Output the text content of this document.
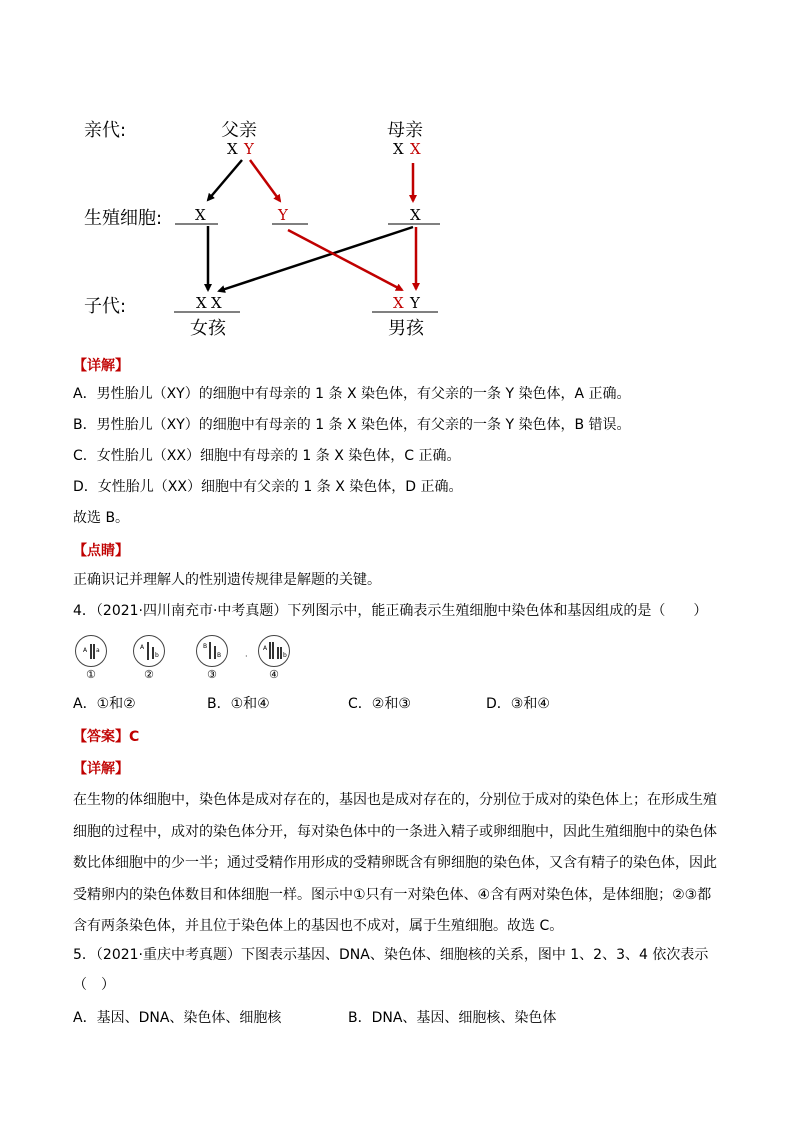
亲代:
生殖细胞:
子代:
父亲	母亲
X Y	X X
X	Y	X
X X	X Y
女孩	男孩
【详解】
A．男性胎儿（XY）的细胞中有母亲的 1 条 X 染色体，有父亲的一条 Y 染色体，A 正确。
B．男性胎儿（XY）的细胞中有母亲的 1 条 X 染色体，有父亲的一条 Y 染色体，B 错误。
C．女性胎儿（XX）细胞中有母亲的 1 条 X 染色体，C 正确。
D．女性胎儿（XX）细胞中有父亲的 1 条 X 染色体，D 正确。
故选 B。
【点睛】
正确识记并理解人的性别遗传规律是解题的关键。
4．（2021·四川南充市·中考真题）下列图示中，能正确表示生殖细胞中染色体和基因组成的是（　　）
A a	A
b
B
B
A
b
·
①	②	③	④
A．①和②	B．①和④	C．②和③	D．③和④
【答案】C
【详解】
在生物的体细胞中，染色体是成对存在的，基因也是成对存在的，分别位于成对的染色体上；在形成生殖
细胞的过程中，成对的染色体分开，每对染色体中的一条进入精子或卵细胞中，因此生殖细胞中的染色体
数比体细胞中的少一半；通过受精作用形成的受精卵既含有卵细胞的染色体，又含有精子的染色体，因此
受精卵内的染色体数目和体细胞一样。图示中①只有一对染色体、④含有两对染色体，是体细胞；②③都
含有两条染色体，并且位于染色体上的基因也不成对，属于生殖细胞。故选 C。
5．（2021·重庆中考真题）下图表示基因、DNA、染色体、细胞核的关系，图中 1、2、3、4 依次表示
（　）
A．基因、DNA、染色体、细胞核	B．DNA、基因、细胞核、染色体
